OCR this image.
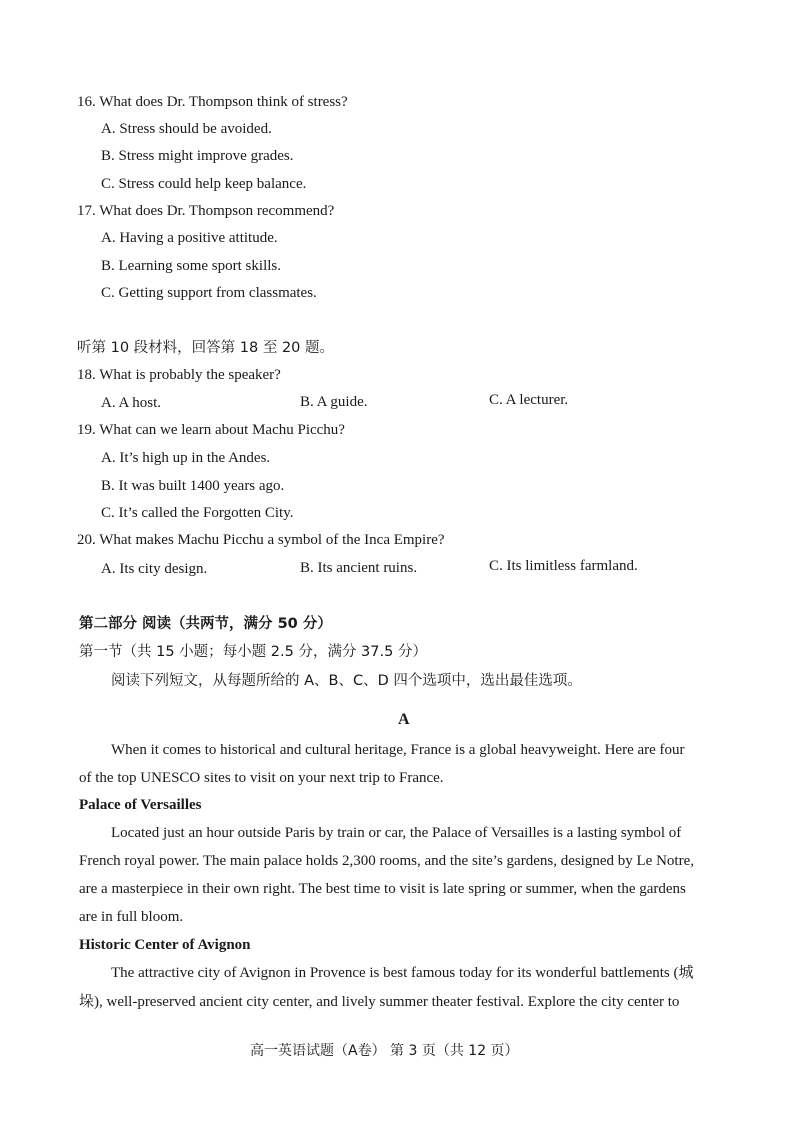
16. What does Dr. Thompson think of stress?
A. Stress should be avoided.
B. Stress might improve grades.
C. Stress could help keep balance.
17. What does Dr. Thompson recommend?
A. Having a positive attitude.
B. Learning some sport skills.
C. Getting support from classmates.
听第 10 段材料，回答第 18 至 20 题。
18. What is probably the speaker?
A. A host.	B. A guide.	C. A lecturer.
19. What can we learn about Machu Picchu?
A. It’s high up in the Andes.
B. It was built 1400 years ago.
C. It’s called the Forgotten City.
20. What makes Machu Picchu a symbol of the Inca Empire?
A. Its city design.	B. Its ancient ruins.	C. Its limitless farmland.
第二部分 阅读（共两节，满分 50 分）
第一节（共 15 小题；每小题 2.5 分，满分 37.5 分）
阅读下列短文，从每题所给的 A、B、C、D 四个选项中，选出最佳选项。
A
When it comes to historical and cultural heritage, France is a global heavyweight. Here are four
of the top UNESCO sites to visit on your next trip to France.
Palace of Versailles
Located just an hour outside Paris by train or car, the Palace of Versailles is a lasting symbol of
French royal power. The main palace holds 2,300 rooms, and the site’s gardens, designed by Le Notre,
are a masterpiece in their own right. The best time to visit is late spring or summer, when the gardens
are in full bloom.
Historic Center of Avignon
The attractive city of Avignon in Provence is best famous today for its wonderful battlements (城
垛), well-preserved ancient city center, and lively summer theater festival. Explore the city center to
高一英语试题（A卷） 第 3 页（共 12 页）
